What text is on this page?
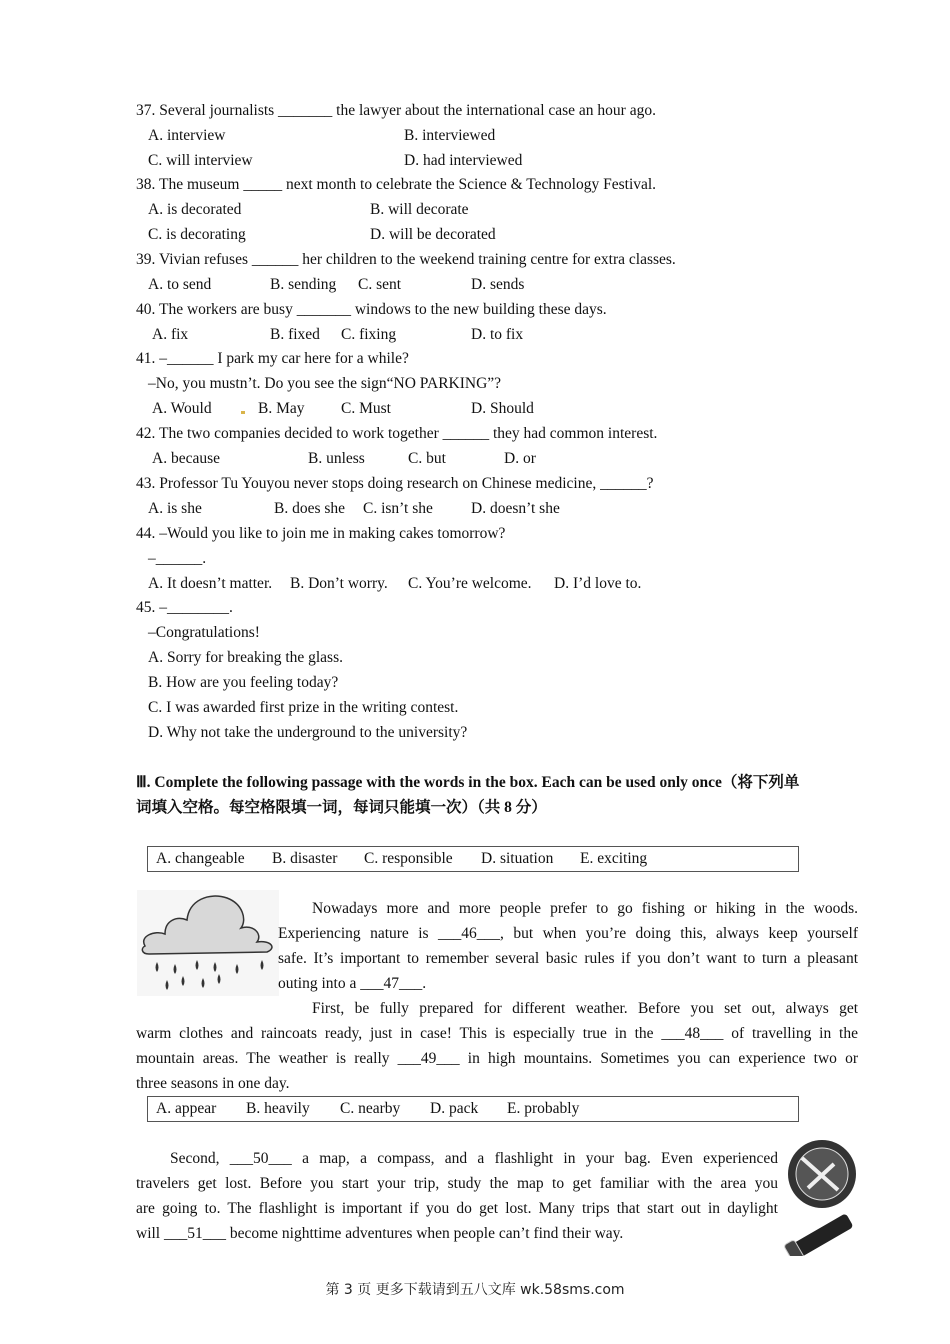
37. Several journalists _______ the lawyer about the international case an hour ago.
A. interview	B. interviewed
C. will interview	D. had interviewed
38. The museum _____ next month to celebrate the Science & Technology Festival.
A. is decorated	B. will decorate
C. is decorating	D. will be decorated
39. Vivian refuses ______ her children to the weekend training centre for extra classes.
A. to send	B. sending C. sent	D. sends
40. The workers are busy _______ windows to the new building these days.
A. fix	B. fixed C. fixing	D. to fix
41. –______ I park my car here for a while?
–No, you mustn’t. Do you see the sign“NO PARKING”?
A. Would	B. May C. Must	D. Should
42. The two companies decided to work together ______ they had common interest.
A. because	B. unless	C. but	D. or
43. Professor Tu Youyou never stops doing research on Chinese medicine, ______?
A. is she	B. does she C. isn’t she D. doesn’t she
44. –Would you like to join me in making cakes tomorrow?
–______.
A. It doesn’t matter. B. Don’t worry. C. You’re welcome. D. I’d love to.
45. –________.
–Congratulations!
A. Sorry for breaking the glass.
B. How are you feeling today?
C. I was awarded first prize in the writing contest.
D. Why not take the underground to the university?
Ⅲ. Complete the following passage with the words in the box. Each can be used only once（将下列单
词填入空格。每空格限填一词，每词只能填一次）（共 8 分）
A. changeable B. disaster C. responsible D. situation E. exciting
Nowadays more and more people prefer to go fishing or hiking in the woods.
Experiencing nature is ___46___, but when you’re doing this, always keep yourself
safe. It’s important to remember several basic rules if you don’t want to turn a pleasant
outing into a ___47___.
First, be fully prepared for different weather. Before you set out, always get
warm clothes and raincoats ready, just in case! This is especially true in the ___48___ of travelling in the
mountain areas. The weather is really ___49___ in high mountains. Sometimes you can experience two or
three seasons in one day.
A. appear B. heavily C. nearby D. pack E. probably
Second, ___50___ a map, a compass, and a flashlight in your bag. Even experienced
travelers get lost. Before you start your trip, study the map to get familiar with the area you
are going to. The flashlight is important if you do get lost. Many trips that start out in daylight
will ___51___ become nighttime adventures when people can’t find their way.
第 3 页 更多下载请到五八文库 wk.58sms.com
